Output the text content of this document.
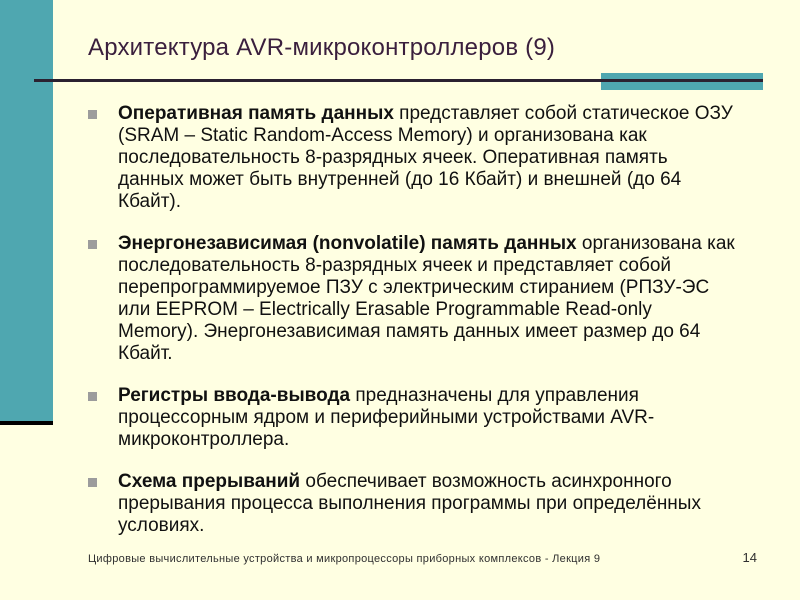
Архитектура AVR-микроконтроллеров (9)
Оперативная память данных представляет собой статическое ОЗУ (SRAM – Static Random-Access Memory) и организована как последовательность 8-разрядных ячеек. Оперативная память данных может быть внутренней (до 16 Кбайт) и внешней (до 64 Кбайт).
Энергонезависимая (nonvolatile) память данных организована как последовательность 8-разрядных ячеек и представляет собой перепрограммируемое ПЗУ с электрическим стиранием (РПЗУ-ЭС или EEPROM – Electrically Erasable Programmable Read-only Memory). Энергонезависимая память данных имеет размер до 64 Кбайт.
Регистры ввода-вывода предназначены для управления процессорным ядром и периферийными устройствами AVR-микроконтроллера.
Схема прерываний обеспечивает возможность асинхронного прерывания процесса выполнения программы при определённых условиях.
Цифровые вычислительные устройства и микропроцессоры приборных комплексов - Лекция 9	14
